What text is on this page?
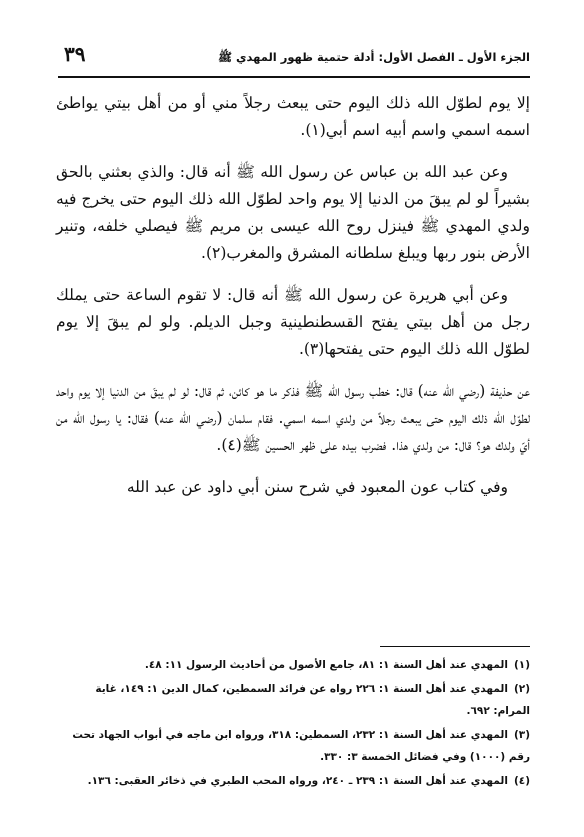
الجزء الأول ـ الفصل الأول: أدلة حتمية ظهور المهدي ﷺ
٣٩

إلا يوم لطوّل الله ذلك اليوم حتى يبعث رجلاً مني أو من أهل بيتي يواطئ اسمه اسمي واسم أبيه اسم أبي(١).

وعن عبد الله بن عباس عن رسول الله ﷺ أنه قال: والذي بعثني بالحق بشيراً لو لم يبقَ من الدنيا إلا يوم واحد لطوّل الله ذلك اليوم حتى يخرج فيه ولدي المهدي ﷺ فينزل روح الله عيسى بن مريم ﷺ فيصلي خلفه، وتنير الأرض بنور ربها ويبلغ سلطانه المشرق والمغرب(٢).

وعن أبي هريرة عن رسول الله ﷺ أنه قال: لا تقوم الساعة حتى يملك رجل من أهل بيتي يفتح القسطنطينية وجبل الديلم. ولو لم يبقَ إلا يوم لطوّل الله ذلك اليوم حتى يفتحها(٣).

عن حذيفة (رضي الله عنه) قال: خطب رسول الله ﷺ فذكر ما هو كائن، ثم قال: لو لم يبقَ من الدنيا إلا يوم واحد لطوّل الله ذلك اليوم حتى يبعث رجلاً من ولدي اسمه اسمي. فقام سلمان (رضي الله عنه) فقال: يا رسول الله من أيّ ولدك هو؟ قال: من ولدي هذا. فضرب بيده على ظهر الحسين ﷺ(٤).

وفي كتاب عون المعبود في شرح سنن أبي داود عن عبد الله

(١)المهدي عند أهل السنة ١: ٨١، جامع الأصول من أحاديث الرسول ١١: ٤٨.
(٢)المهدي عند أهل السنة ١: ٢٢٦ رواه عن فرائد السمطين، كمال الدين ١: ١٤٩، غاية المرام: ٦٩٢.
(٣)المهدي عند أهل السنة ١: ٢٣٢، السمطين: ٣١٨، ورواه ابن ماجه في أبواب الجهاد تحت رقم (١٠٠٠) وفي فضائل الخمسة ٣: ٣٣٠.
(٤)المهدي عند أهل السنة ١: ٢٣٩ ـ ٢٤٠، ورواه المحب الطبري في ذخائر العقبى: ١٣٦.
